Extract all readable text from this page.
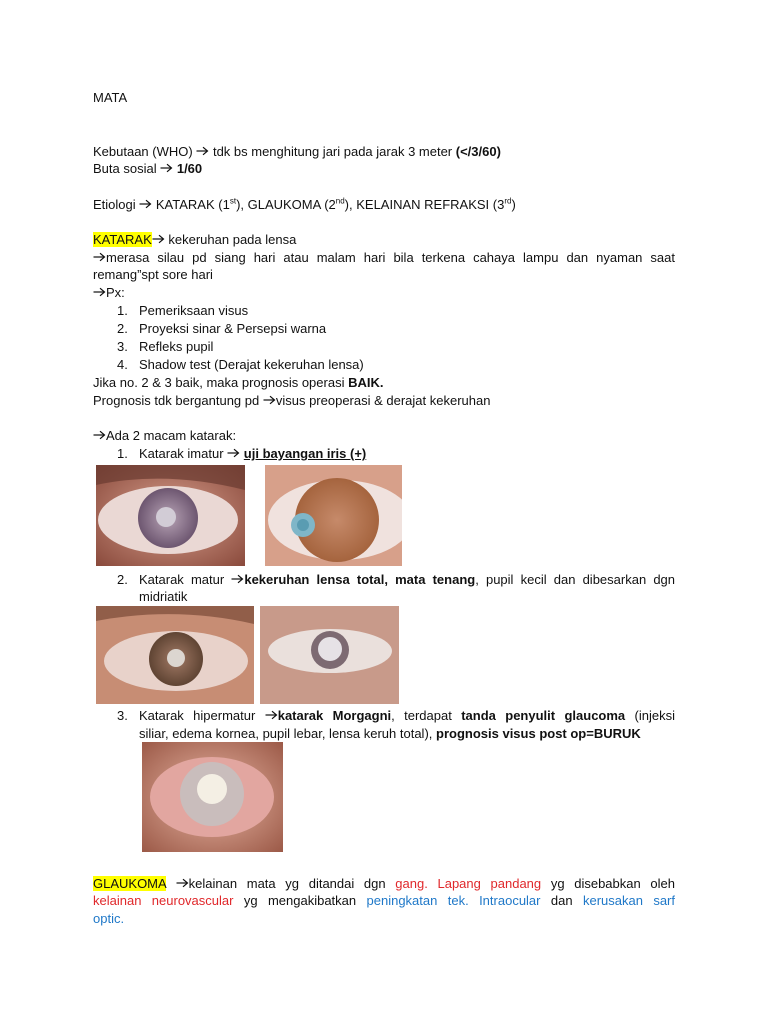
MATA
Kebutaan (WHO) tdk bs menghitung jari pada jarak 3 meter (</3/60)
Buta sosial 1/60
Etiologi KATARAK (1st), GLAUKOMA (2nd), KELAINAN REFRAKSI (3rd)
KATARAK kekeruhan pada lensa
merasa silau pd siang hari atau malam hari bila terkena cahaya lampu dan nyaman saat
remang”spt sore hari
Px:
1. Pemeriksaan visus
2. Proyeksi sinar & Persepsi warna
3. Refleks pupil
4. Shadow test (Derajat kekeruhan lensa)
Jika no. 2 & 3 baik, maka prognosis operasi BAIK.
Prognosis tdk bergantung pd visus preoperasi & derajat kekeruhan
Ada 2 macam katarak:
1. Katarak imatur uji bayangan iris (+)
2. Katarak matur kekeruhan lensa total, mata tenang, pupil kecil dan dibesarkan dgn
midriatik
3. Katarak hipermatur katarak Morgagni, terdapat tanda penyulit glaucoma (injeksi
siliar, edema kornea, pupil lebar, lensa keruh total), prognosis visus post op=BURUK
GLAUKOMA kelainan mata yg ditandai dgn gang. Lapang pandang yg disebabkan oleh
kelainan neurovascular yg mengakibatkan peningkatan tek. Intraocular dan kerusakan sarf
optic.
